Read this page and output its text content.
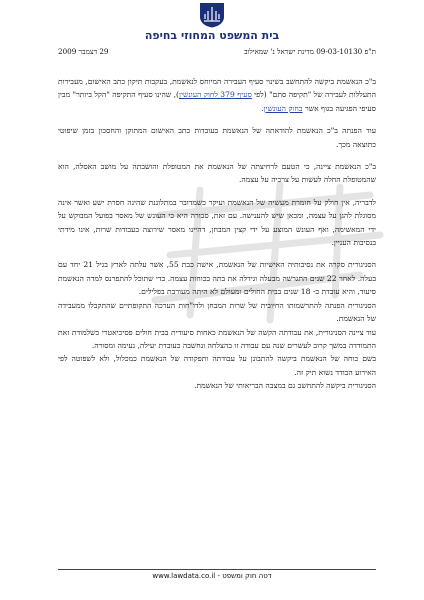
בית המשפט המחוזי בחיפה
ת"פ 09-03-10130 מדינת ישראל נ' שמאילוב
29 דצמבר 2009

ב"כ הנאשמת ביקשה להתחשב בשינוי סעיף העבירה המיוחס לנאשמת, בעקבות תיקון כתב האישום, מעבירות התעללות לעבירה של "תקיפה סתם" (לפי סעיף 379 לחוק העונשין), שהינו סעיף התקיפה "הקל ביותר" מבין סעיפי הפגיעה בגוף אשר בחוק העונשין.

עוד הפנתה ב"כ הנאשמת להודאתה של הנאשמת בעובדות כתב האישום המתוקן והחסכון בזמן שיפוטי כתוצאה מכך.

ב"כ הנאשמת ציינה, כי הטעם לרחיצתה של הנאשמת את המטופלת והושבתה על מושב האסלה, הוא שהמטופלת החלה לעשות על צרכיה על עצמה.

לדבריה, אין חולק על חומרת מעשיה של הנאשמת ועיקר כשמדובר במתלוננת שהינה חסרת ישע ואשר אינה מסוגלת להגן על עצמה, ומכאן שיש להענישה. עם זאת, סבורה היא כי העונש של מאסר בפועל המבוקש על ידי המאשימה, ואף העונש המוצע על ידי קצין המבחן, דהיינו מאסר שירוצה בעבודות שרות, אינו מידתי בנסיבות העניין.

הסניגורית סקרה את נסיבותיה האישיות של הנאשמת, אישה כבת 55, אשר עלתה לארץ בגיל 21 יחד עם בעלה. לאחר 22 שנים התגרשה מבעלה וגידלה את בתה בכוחות עצמה. כדי שתוכל להתפרנס למדה הנאשמת סיעוד, והיא עובדת כ- 18 שנים בבית החולים ומעולם לא היתה מעורבת בפלילים.

הסניגורית הפנתה להתרשמותו החיובית של שרות המבחן ולדו"חות הערכה התקופתיים שהתקבלו ממעבידה של הנאשמת.

עוד ציינה הסניגורית, את עבודתה הקשה של הנאשמת כאחות סיעודית בבית חולים פסיכיאטרי כשלמודת זאת התמודדה במשך קרוב לעשרים שנה עם עבודה זו בהצלחה ונחשבה כעובדת יעילה, נעימה ומסורה.

בשם כוחה של הנאשמת ביקשה להתבונן על עבודתה ותפקודה של הנאשמת כמכלול, ולא לשפוטה לפי האירוע הבודד נשוא תיק זה.

הסניגורית ביקשה להתחשב גם במצבה הבריאותי של הנאשמת.

דטה חוק ומשפט - www.lawdata.co.il
